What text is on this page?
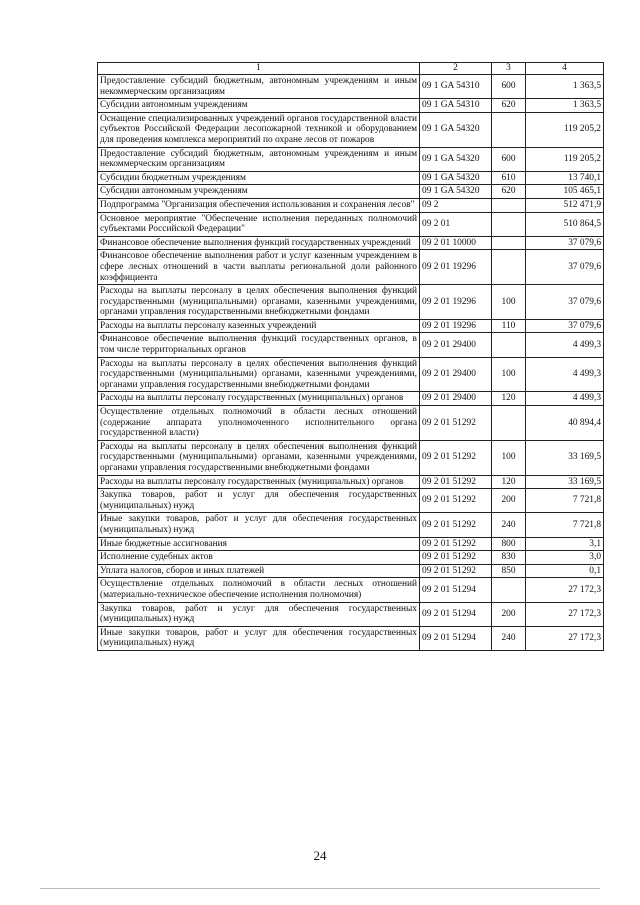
1	2	3	4
Предоставление субсидий бюджетным, автономным учреждениям и иным некоммерческим организациям	09 1 GA 54310	600	1 363,5
Субсидии автономным учреждениям	09 1 GA 54310	620	1 363,5
Оснащение специализированных учреждений органов государственной власти субъектов Российской Федерации лесопожарной техникой и оборудованием для проведения комплекса мероприятий по охране лесов от пожаров	09 1 GA 54320		119 205,2
Предоставление субсидий бюджетным, автономным учреждениям и иным некоммерческим организациям	09 1 GA 54320	600	119 205,2
Субсидии бюджетным учреждениям	09 1 GA 54320	610	13 740,1
Субсидии автономным учреждениям	09 1 GA 54320	620	105 465,1
Подпрограмма "Организация обеспечения использования и сохранения лесов"	09 2		512 471,9
Основное мероприятие "Обеспечение исполнения переданных полномочий субъектами Российской Федерации"	09 2 01		510 864,5
Финансовое обеспечение выполнения функций государственных учреждений	09 2 01 10000		37 079,6
Финансовое обеспечение выполнения работ и услуг казенным учреждением в сфере лесных отношений в части выплаты региональной доли районного коэффициента	09 2 01 19296		37 079,6
Расходы на выплаты персоналу в целях обеспечения выполнения функций государственными (муниципальными) органами, казенными учреждениями, органами управления государственными внебюджетными фондами	09 2 01 19296	100	37 079,6
Расходы на выплаты персоналу казенных учреждений	09 2 01 19296	110	37 079,6
Финансовое обеспечение выполнения функций государственных органов, в том числе территориальных органов	09 2 01 29400		4 499,3
Расходы на выплаты персоналу в целях обеспечения выполнения функций государственными (муниципальными) органами, казенными учреждениями, органами управления государственными внебюджетными фондами	09 2 01 29400	100	4 499,3
Расходы на выплаты персоналу государственных (муниципальных) органов	09 2 01 29400	120	4 499,3
Осуществление отдельных полномочий в области лесных отношений (содержание аппарата уполномоченного исполнительного органа государственной власти)	09 2 01 51292		40 894,4
Расходы на выплаты персоналу в целях обеспечения выполнения функций государственными (муниципальными) органами, казенными учреждениями, органами управления государственными внебюджетными фондами	09 2 01 51292	100	33 169,5
Расходы на выплаты персоналу государственных (муниципальных) органов	09 2 01 51292	120	33 169,5
Закупка товаров, работ и услуг для обеспечения государственных (муниципальных) нужд	09 2 01 51292	200	7 721,8
Иные закупки товаров, работ и услуг для обеспечения государственных (муниципальных) нужд	09 2 01 51292	240	7 721,8
Иные бюджетные ассигнования	09 2 01 51292	800	3,1
Исполнение судебных актов	09 2 01 51292	830	3,0
Уплата налогов, сборов и иных платежей	09 2 01 51292	850	0,1
Осуществление отдельных полномочий в области лесных отношений (материально-техническое обеспечение исполнения полномочия)	09 2 01 51294		27 172,3
Закупка товаров, работ и услуг для обеспечения государственных (муниципальных) нужд	09 2 01 51294	200	27 172,3
Иные закупки товаров, работ и услуг для обеспечения государственных (муниципальных) нужд	09 2 01 51294	240	27 172,3
24
